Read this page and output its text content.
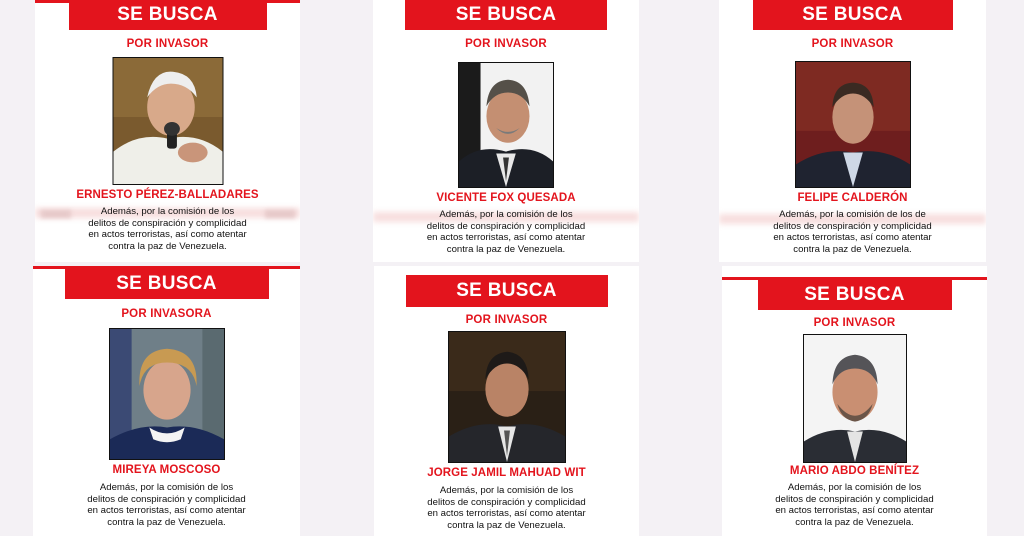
SE BUSCA
POR INVASOR
ERNESTO PÉREZ-BALLADARES
Además, por la comisión de los
delitos de conspiración y complicidad
en actos terroristas, así como atentar
contra la paz de Venezuela.
SE BUSCA
POR INVASOR
VICENTE FOX QUESADA
Además, por la comisión de los
delitos de conspiración y complicidad
en actos terroristas, así como atentar
contra la paz de Venezuela.
SE BUSCA
POR INVASOR
FELIPE CALDERÓN
Además, por la comisión de los de
delitos de conspiración y complicidad
en actos terroristas, así como atentar
contra la paz de Venezuela.
SE BUSCA
POR INVASORA
MIREYA MOSCOSO
Además, por la comisión de los
delitos de conspiración y complicidad
en actos terroristas, así como atentar
contra la paz de Venezuela.
SE BUSCA
POR INVASOR
JORGE JAMIL MAHUAD WIT
Además, por la comisión de los
delitos de conspiración y complicidad
en actos terroristas, así como atentar
contra la paz de Venezuela.
SE BUSCA
POR INVASOR
MARIO ABDO BENÍTEZ
Además, por la comisión de los
delitos de conspiración y complicidad
en actos terroristas, así como atentar
contra la paz de Venezuela.
